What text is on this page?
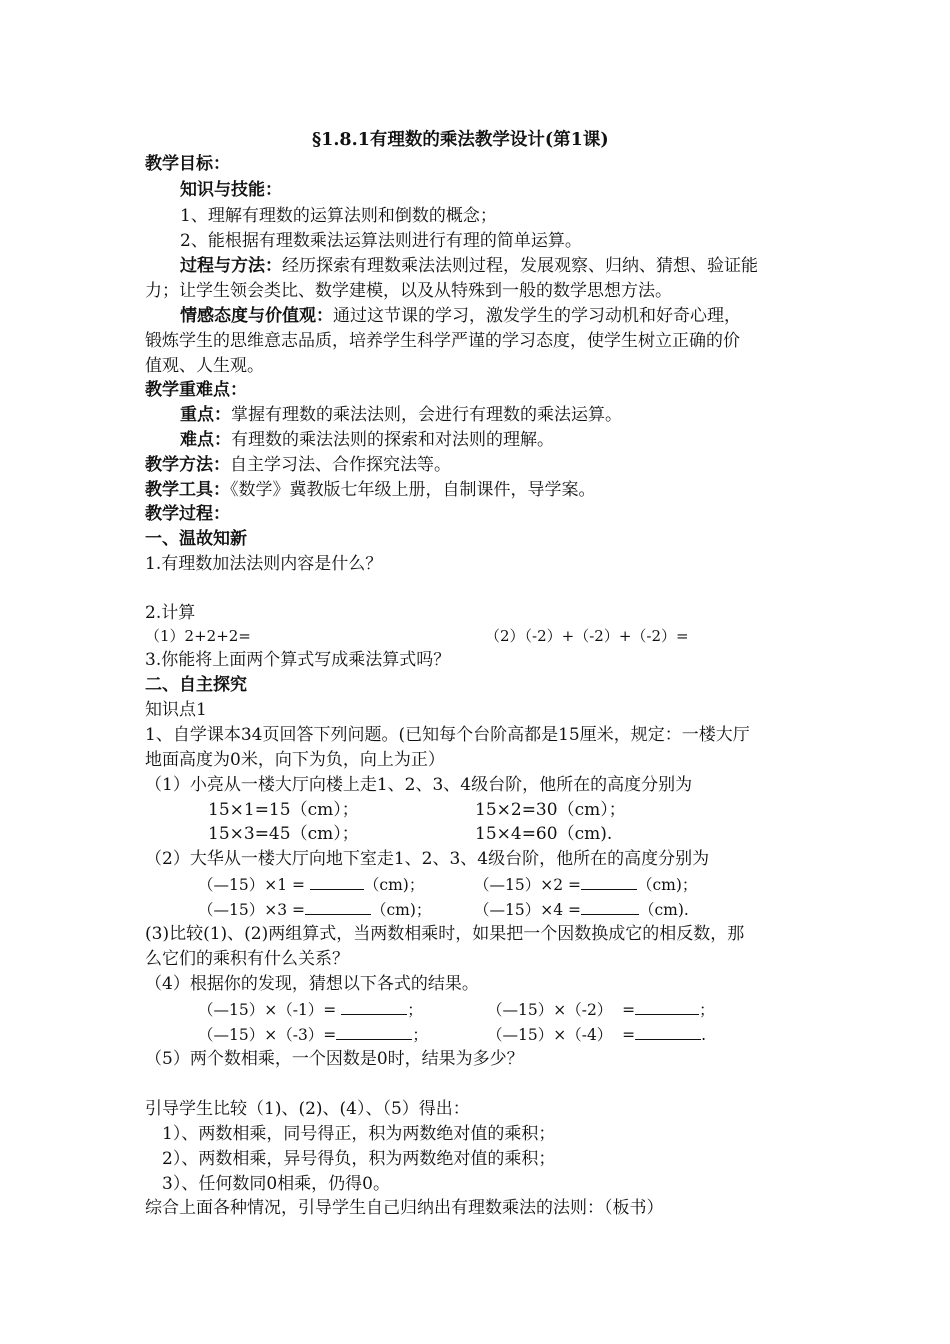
§1.8.1有理数的乘法教学设计(第1课)
教学目标：
知识与技能：
1、理解有理数的运算法则和倒数的概念；
2、能根据有理数乘法运算法则进行有理的简单运算。
过程与方法：经历探索有理数乘法法则过程，发展观察、归纳、猜想、验证能
力；让学生领会类比、数学建模，以及从特殊到一般的数学思想方法。
情感态度与价值观：通过这节课的学习，激发学生的学习动机和好奇心理，
锻炼学生的思维意志品质，培养学生科学严谨的学习态度，使学生树立正确的价
值观、人生观。
教学重难点：
重点：掌握有理数的乘法法则，会进行有理数的乘法运算。
难点：有理数的乘法法则的探索和对法则的理解。
教学方法：自主学习法、合作探究法等。
教学工具：《数学》冀教版七年级上册，自制课件，导学案。
教学过程：
一、温故知新
1.有理数加法法则内容是什么？
2.计算
（1）2+2+2=	（2）（-2）+（-2）+（-2）=
3.你能将上面两个算式写成乘法算式吗？
二、自主探究
知识点1
1、自学课本34页回答下列问题。(已知每个台阶高都是15厘米，规定：一楼大厅
地面高度为0米，向下为负，向上为正）
（1）小亮从一楼大厅向楼上走1、2、3、4级台阶，他所在的高度分别为
15×1=15（cm）；	15×2=30（cm）；
15×3=45（cm）；	15×4=60（cm).
（2）大华从一楼大厅向地下室走1、2、3、4级台阶，他所在的高度分别为
（—15）×1 =	（cm)；	（—15）×2 =	（cm)；
（—15）×3 =	（cm)；	（—15）×4 =	（cm).
(3)比较(1)、(2)两组算式，当两数相乘时，如果把一个因数换成它的相反数，那
么它们的乘积有什么关系？
（4）根据你的发现，猜想以下各式的结果。
（—15）×（-1）=	；	（—15）×（-2）  =	；
（—15）×（-3）=	；	（—15）×（-4）  =	.
（5）两个数相乘，一个因数是0时，结果为多少？
引导学生比较（1)、(2)、(4）、（5）得出：
1）、两数相乘，同号得正，积为两数绝对值的乘积；
2）、两数相乘，异号得负，积为两数绝对值的乘积；
3）、任何数同0相乘，仍得0。
综合上面各种情况，引导学生自己归纳出有理数乘法的法则：（板书）
